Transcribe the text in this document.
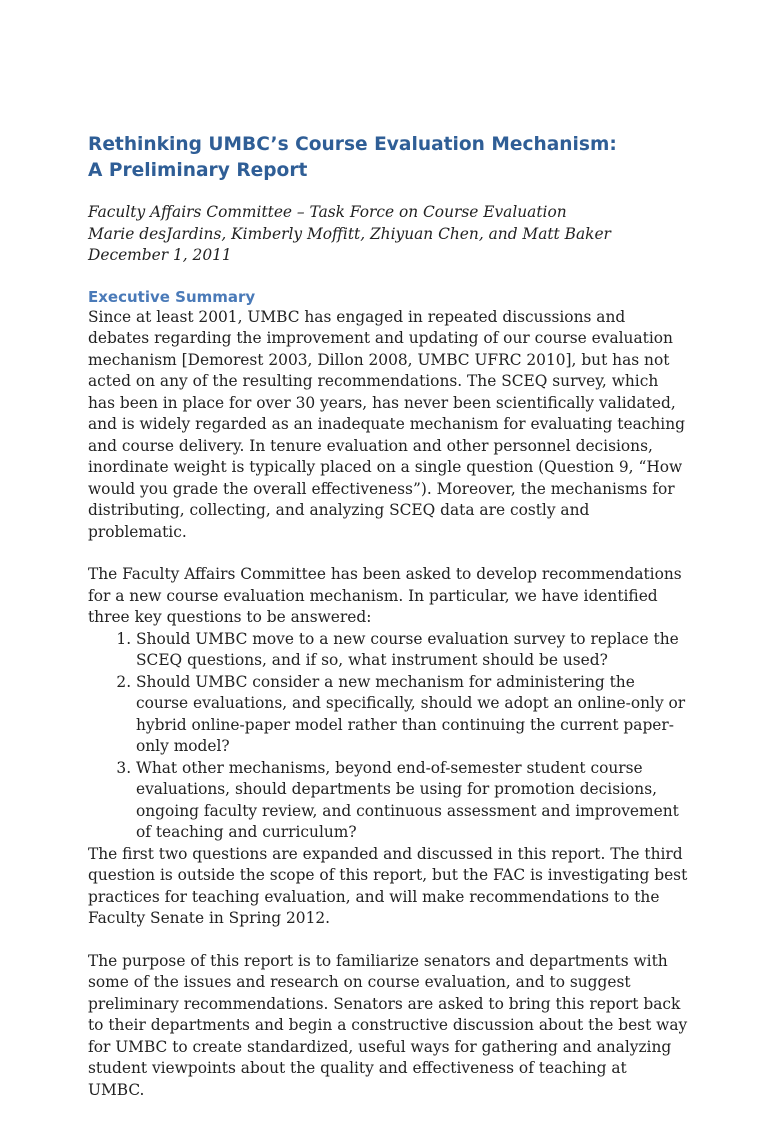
Rethinking UMBC’s Course Evaluation Mechanism:
A Preliminary Report
Faculty Affairs Committee – Task Force on Course Evaluation
Marie desJardins, Kimberly Moffitt, Zhiyuan Chen, and Matt Baker
December 1, 2011
Executive Summary

Since at least 2001, UMBC has engaged in repeated discussions and debates regarding the improvement and updating of our course evaluation mechanism [Demorest 2003, Dillon 2008, UMBC UFRC 2010], but has not acted on any of the resulting recommendations. The SCEQ survey, which has been in place for over 30 years, has never been scientifically validated, and is widely regarded as an inadequate mechanism for evaluating teaching and course delivery. In tenure evaluation and other personnel decisions, inordinate weight is typically placed on a single question (Question 9, “How would you grade the overall effectiveness”). Moreover, the mechanisms for distributing, collecting, and analyzing SCEQ data are costly and problematic.

The Faculty Affairs Committee has been asked to develop recommendations for a new course evaluation mechanism. In particular, we have identified three key questions to be answered:

1. Should UMBC move to a new course evaluation survey to replace the SCEQ questions, and if so, what instrument should be used?
2. Should UMBC consider a new mechanism for administering the course evaluations, and specifically, should we adopt an online-only or hybrid online-paper model rather than continuing the current paper-only model?
3. What other mechanisms, beyond end-of-semester student course evaluations, should departments be using for promotion decisions, ongoing faculty review, and continuous assessment and improvement of teaching and curriculum?

The first two questions are expanded and discussed in this report. The third question is outside the scope of this report, but the FAC is investigating best practices for teaching evaluation, and will make recommendations to the Faculty Senate in Spring 2012.

The purpose of this report is to familiarize senators and departments with some of the issues and research on course evaluation, and to suggest preliminary recommendations. Senators are asked to bring this report back to their departments and begin a constructive discussion about the best way for UMBC to create standardized, useful ways for gathering and analyzing student viewpoints about the quality and effectiveness of teaching at UMBC.
